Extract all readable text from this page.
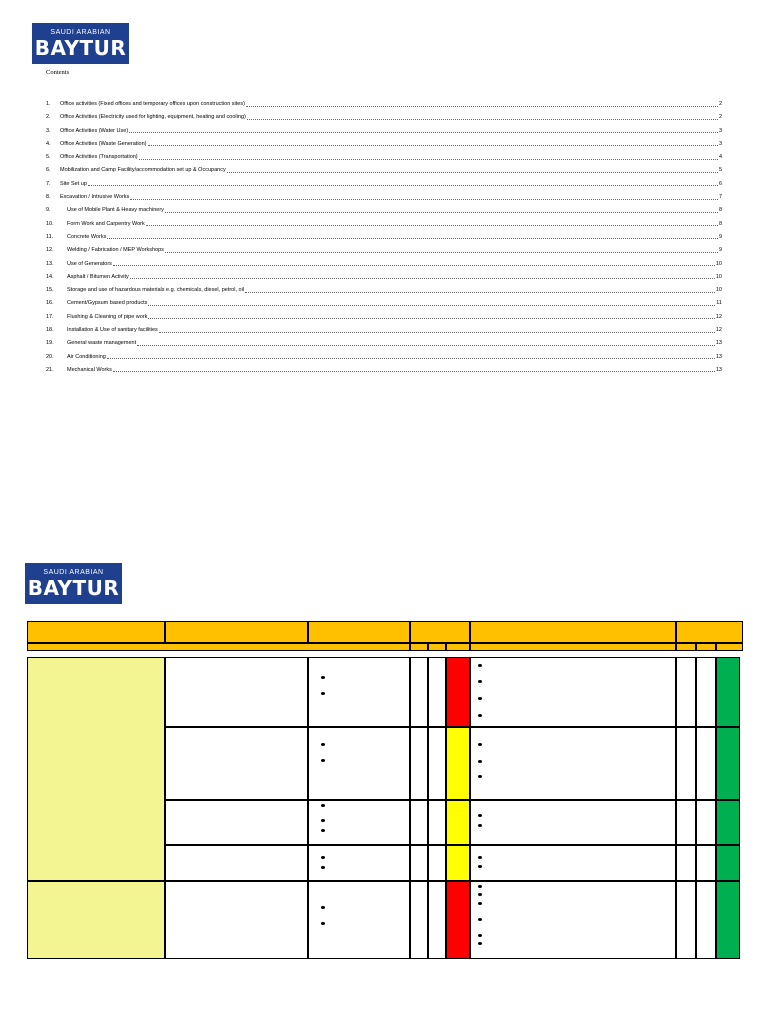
SAUDI ARABIAN
BAYTUR
Contents
1.	Office activities (Fixed offices and temporary offices upon construction sites)	2
2.	Office Activities (Electricity used for lighting, equipment, heating and cooling)	2
3.	Office Activities (Water Use)	3
4.	Office Activities (Waste Generation)	3
5.	Office Activities (Transportation)	4
6.	Mobilization and Camp Facility/accommodation set up & Occupancy	5
7.	Site Set up	6
8.	Excavation / Intrusive Works	7
9.	Use of Mobile Plant & Heavy machinery	8
10.	Form Work and Carpentry Work	8
11.	Concrete Works	9
12.	Welding / Fabrication / MEP Workshops	9
13.	Use of Generators	10
14.	Asphalt / Bitumen Activity	10
15.	Storage and use of hazardous materials e.g. chemicals, diesel, petrol, oil	10
16.	Cement/Gypsum based products	11
17.	Flushing & Cleaning of pipe work	12
18.	Installation & Use of sanitary facilities	12
19.	General waste management	13
20.	Air Conditioning	13
21.	Mechanical Works	13
SAUDI ARABIAN
BAYTUR
